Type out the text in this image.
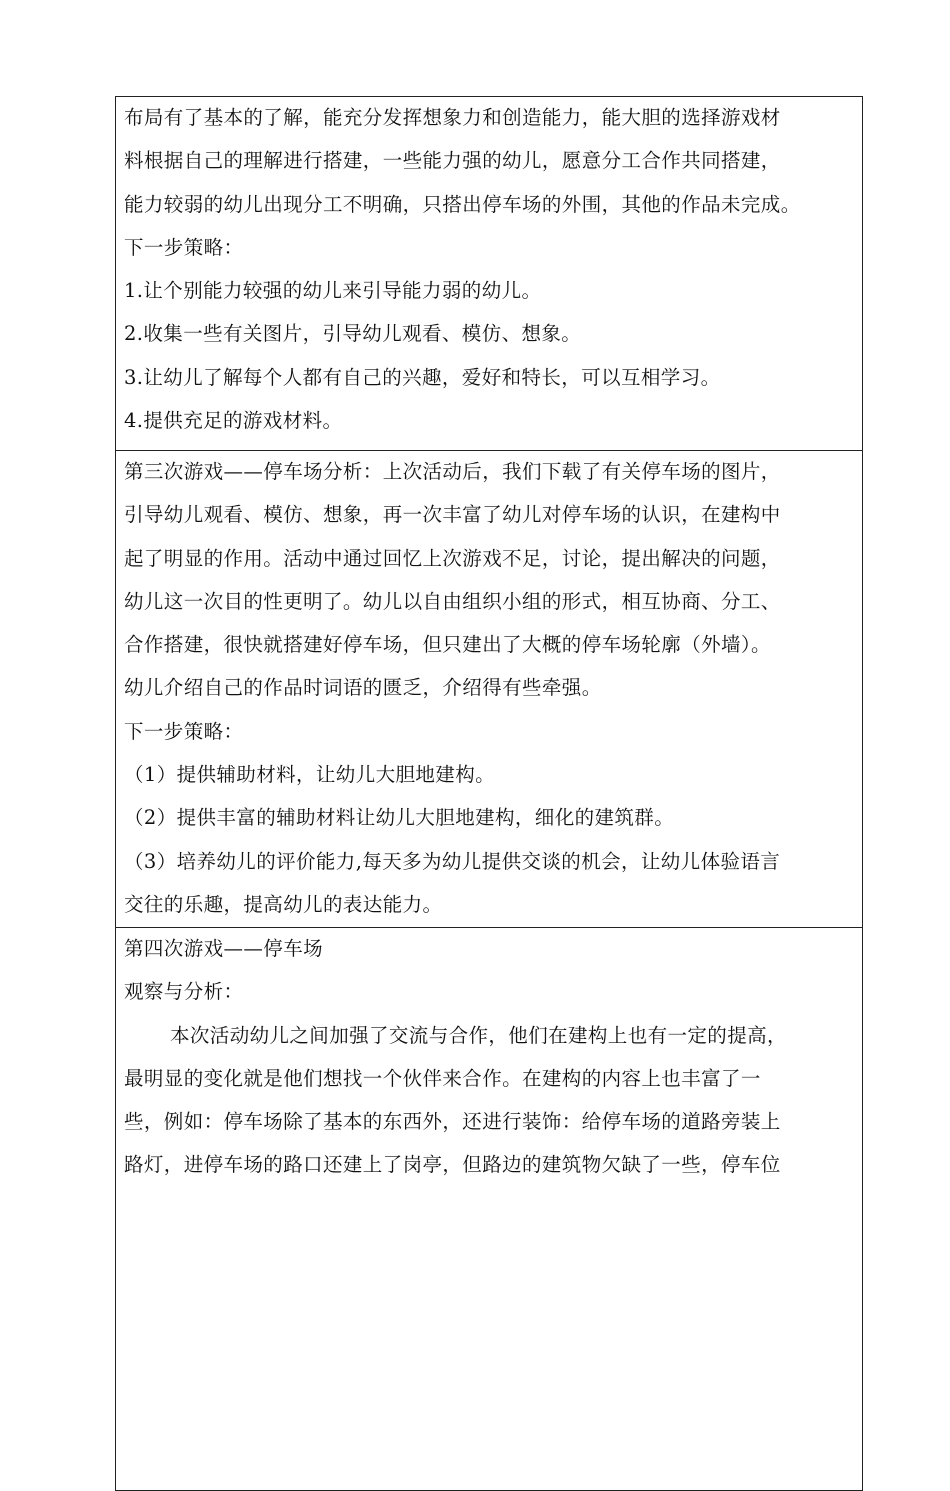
布局有了基本的了解，能充分发挥想象力和创造能力，能大胆的选择游戏材
料根据自己的理解进行搭建，一些能力强的幼儿，愿意分工合作共同搭建，
能力较弱的幼儿出现分工不明确，只搭出停车场的外围，其他的作品未完成。
下一步策略：
1.让个别能力较强的幼儿来引导能力弱的幼儿。
2.收集一些有关图片，引导幼儿观看、模仿、想象。
3.让幼儿了解每个人都有自己的兴趣，爱好和特长，可以互相学习。
4.提供充足的游戏材料。

第三次游戏——停车场分析：上次活动后，我们下载了有关停车场的图片，
引导幼儿观看、模仿、想象，再一次丰富了幼儿对停车场的认识，在建构中
起了明显的作用。活动中通过回忆上次游戏不足，讨论，提出解决的问题，
幼儿这一次目的性更明了。幼儿以自由组织小组的形式，相互协商、分工、
合作搭建，很快就搭建好停车场，但只建出了大概的停车场轮廓（外墙）。
幼儿介绍自己的作品时词语的匮乏，介绍得有些牵强。
下一步策略：
（1）提供辅助材料，让幼儿大胆地建构。
（2）提供丰富的辅助材料让幼儿大胆地建构，细化的建筑群。
（3）培养幼儿的评价能力,每天多为幼儿提供交谈的机会，让幼儿体验语言
交往的乐趣，提高幼儿的表达能力。

第四次游戏——停车场
观察与分析：
本次活动幼儿之间加强了交流与合作，他们在建构上也有一定的提高，
最明显的变化就是他们想找一个伙伴来合作。在建构的内容上也丰富了一
些，例如：停车场除了基本的东西外，还进行装饰：给停车场的道路旁装上
路灯，进停车场的路口还建上了岗亭，但路边的建筑物欠缺了一些，停车位
